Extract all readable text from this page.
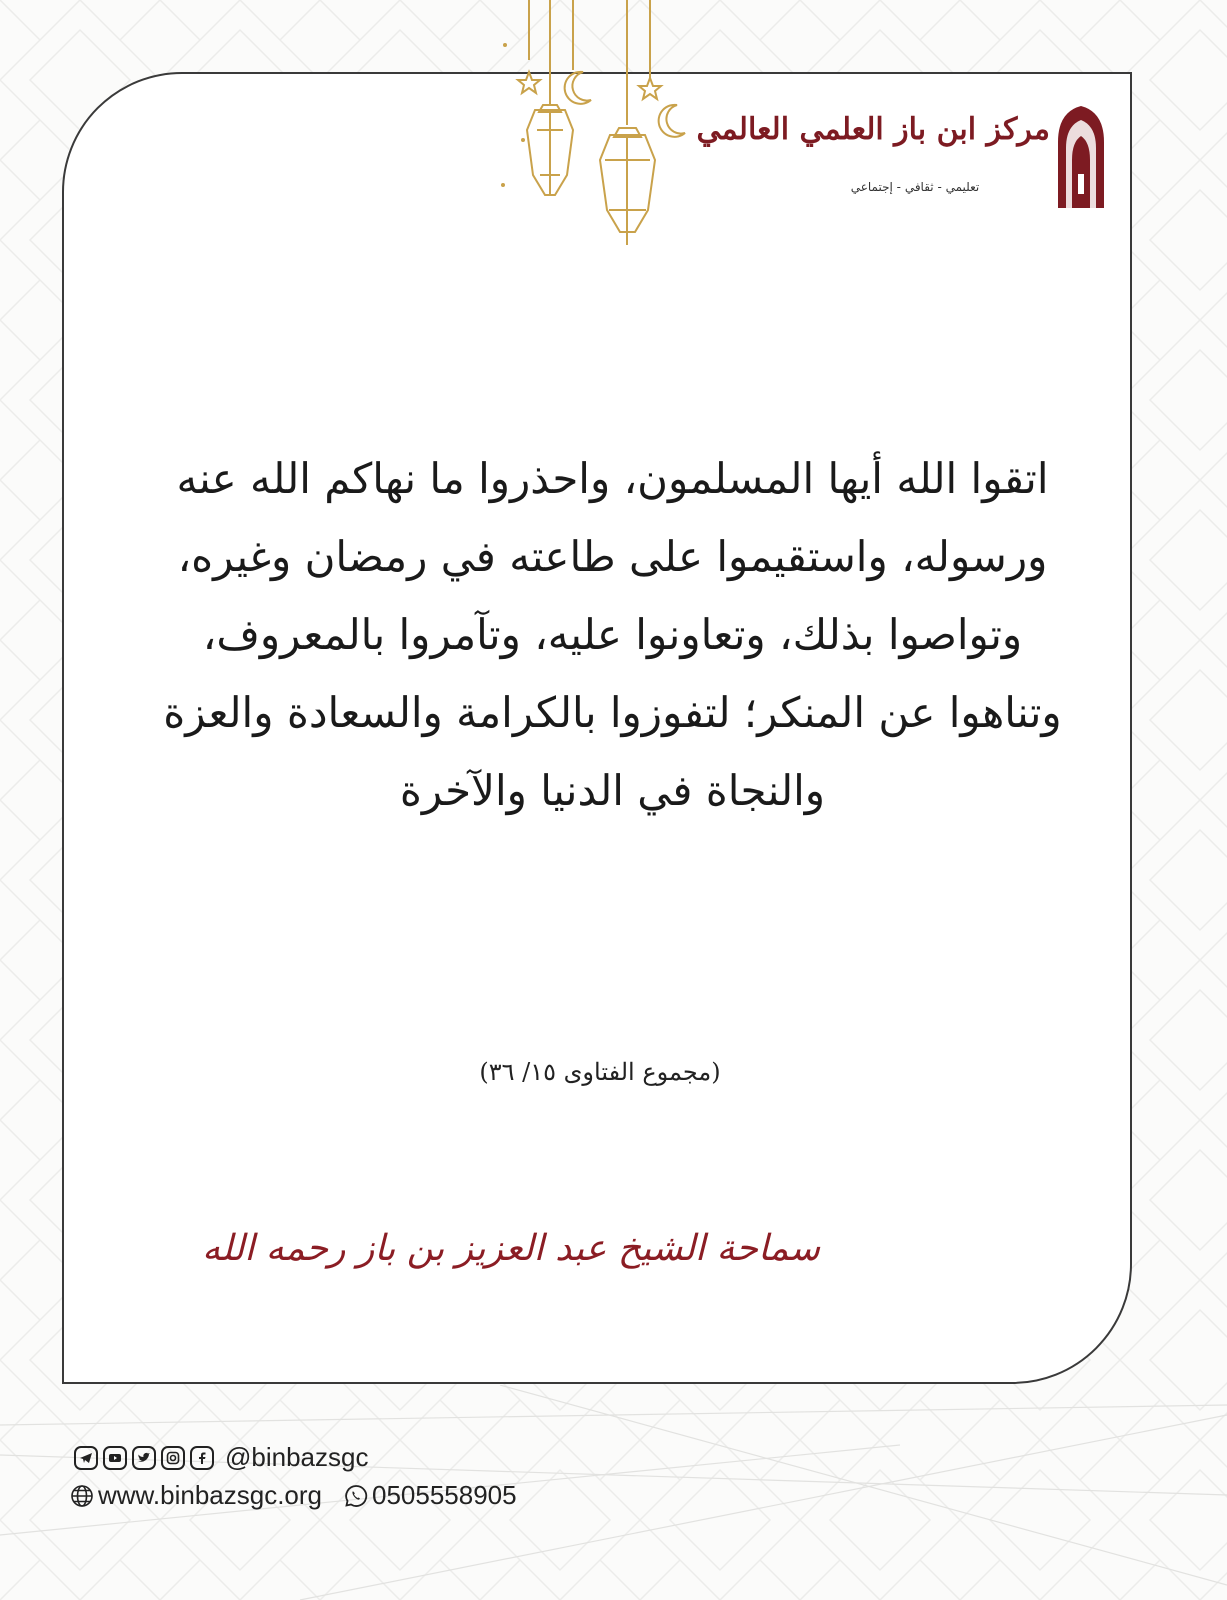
مركز ابن باز العلمي العالمي
تعليمي - ثقافي - إجتماعي
اتقوا الله أيها المسلمون، واحذروا ما نهاكم الله عنه
ورسوله، واستقيموا على طاعته في رمضان وغيره،
وتواصوا بذلك، وتعاونوا عليه، وتآمروا بالمعروف،
وتناهوا عن المنكر؛ لتفوزوا بالكرامة والسعادة والعزة
والنجاة في الدنيا والآخرة
(مجموع الفتاوى ١٥/ ٣٦)
سماحة الشيخ عبد العزيز بن باز رحمه الله
@binbazsgc
www.binbazsgc.org 0505558905
